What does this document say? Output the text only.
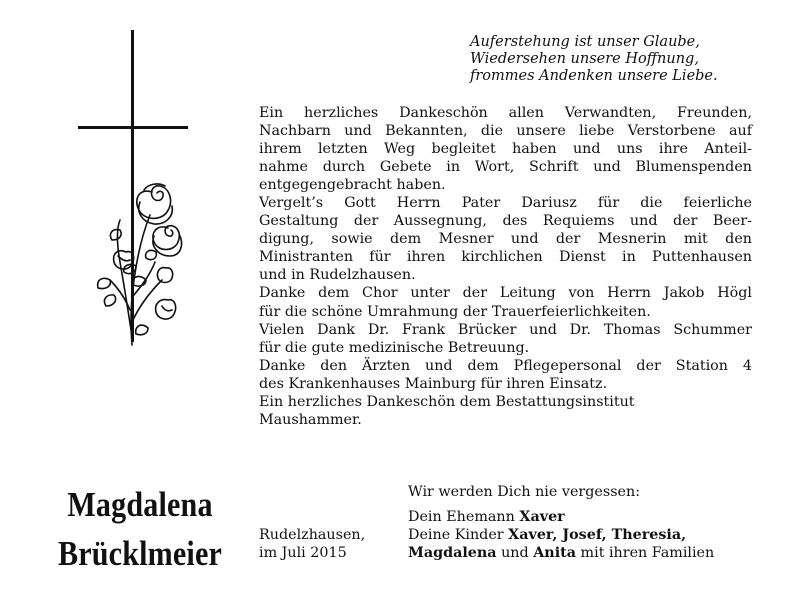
Auferstehung ist unser Glaube,
Wiedersehen unsere Hoffnung,
frommes Andenken unsere Liebe.
Ein herzliches Dankeschön allen Verwandten, Freunden,
Nachbarn und Bekannten, die unsere liebe Verstorbene auf
ihrem letzten Weg begleitet haben und uns ihre Anteil-
nahme durch Gebete in Wort, Schrift und Blumenspenden
entgegengebracht haben.
Vergelt’s Gott Herrn Pater Dariusz für die feierliche
Gestaltung der Aussegnung, des Requiems und der Beer-
digung, sowie dem Mesner und der Mesnerin mit den
Ministranten für ihren kirchlichen Dienst in Puttenhausen
und in Rudelzhausen.
Danke dem Chor unter der Leitung von Herrn Jakob Högl
für die schöne Umrahmung der Trauerfeierlichkeiten.
Vielen Dank Dr. Frank Brücker und Dr. Thomas Schummer
für die gute medizinische Betreuung.
Danke den Ärzten und dem Pflegepersonal der Station 4
des Krankenhauses Mainburg für ihren Einsatz.
Ein herzliches Dankeschön dem Bestattungsinstitut
Maushammer.
Magdalena
Brücklmeier	Rudelzhausen,
im Juli 2015
Wir werden Dich nie vergessen:
Dein Ehemann Xaver
Deine Kinder Xaver, Josef, Theresia,
Magdalena und Anita mit ihren Familien
